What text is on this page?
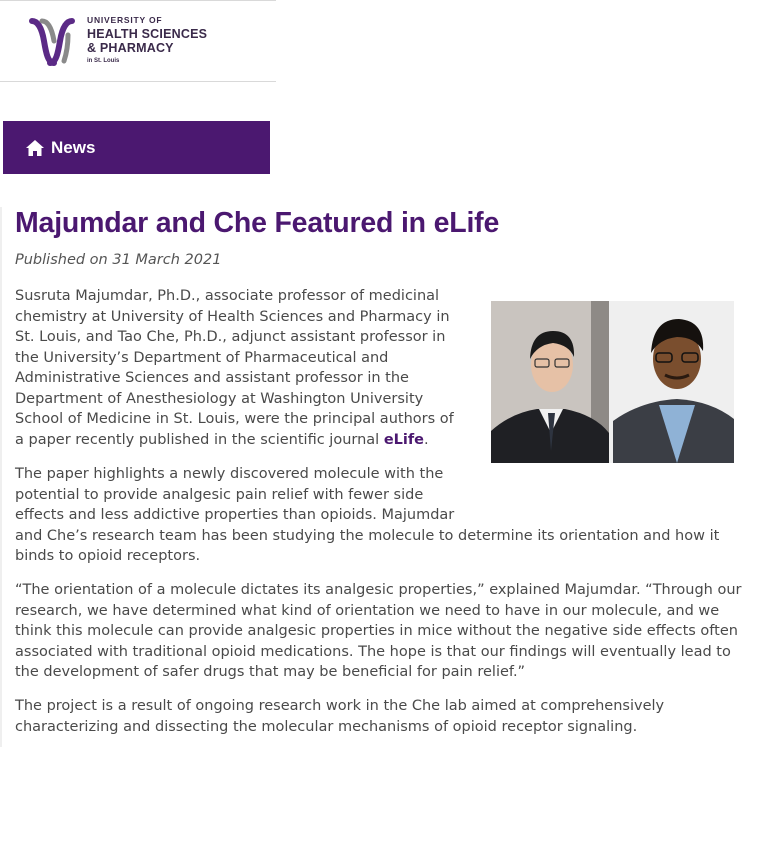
UNIVERSITY OF
HEALTH SCIENCES
& PHARMACY
in St. Louis
News
Majumdar and Che Featured in eLife
Published on 31 March 2021

Susruta Majumdar, Ph.D., associate professor of medicinal chemistry at University of Health Sciences and Pharmacy in St. Louis, and Tao Che, Ph.D., adjunct assistant professor in the University’s Department of Pharmaceutical and Administrative Sciences and assistant professor in the Department of Anesthesiology at Washington University School of Medicine in St. Louis, were the principal authors of a paper recently published in the scientific journal eLife.

The paper highlights a newly discovered molecule with the potential to provide analgesic pain relief with fewer side effects and less addictive properties than opioids. Majumdar
and Che’s research team has been studying the molecule to determine its orientation and how it binds to opioid receptors.

“The orientation of a molecule dictates its analgesic properties,” explained Majumdar. “Through our research, we have determined what kind of orientation we need to have in our molecule, and we think this molecule can provide analgesic properties in mice without the negative side effects often associated with traditional opioid medications. The hope is that our findings will eventually lead to the development of safer drugs that may be beneficial for pain relief.”

The project is a result of ongoing research work in the Che lab aimed at comprehensively characterizing and dissecting the molecular mechanisms of opioid receptor signaling.
